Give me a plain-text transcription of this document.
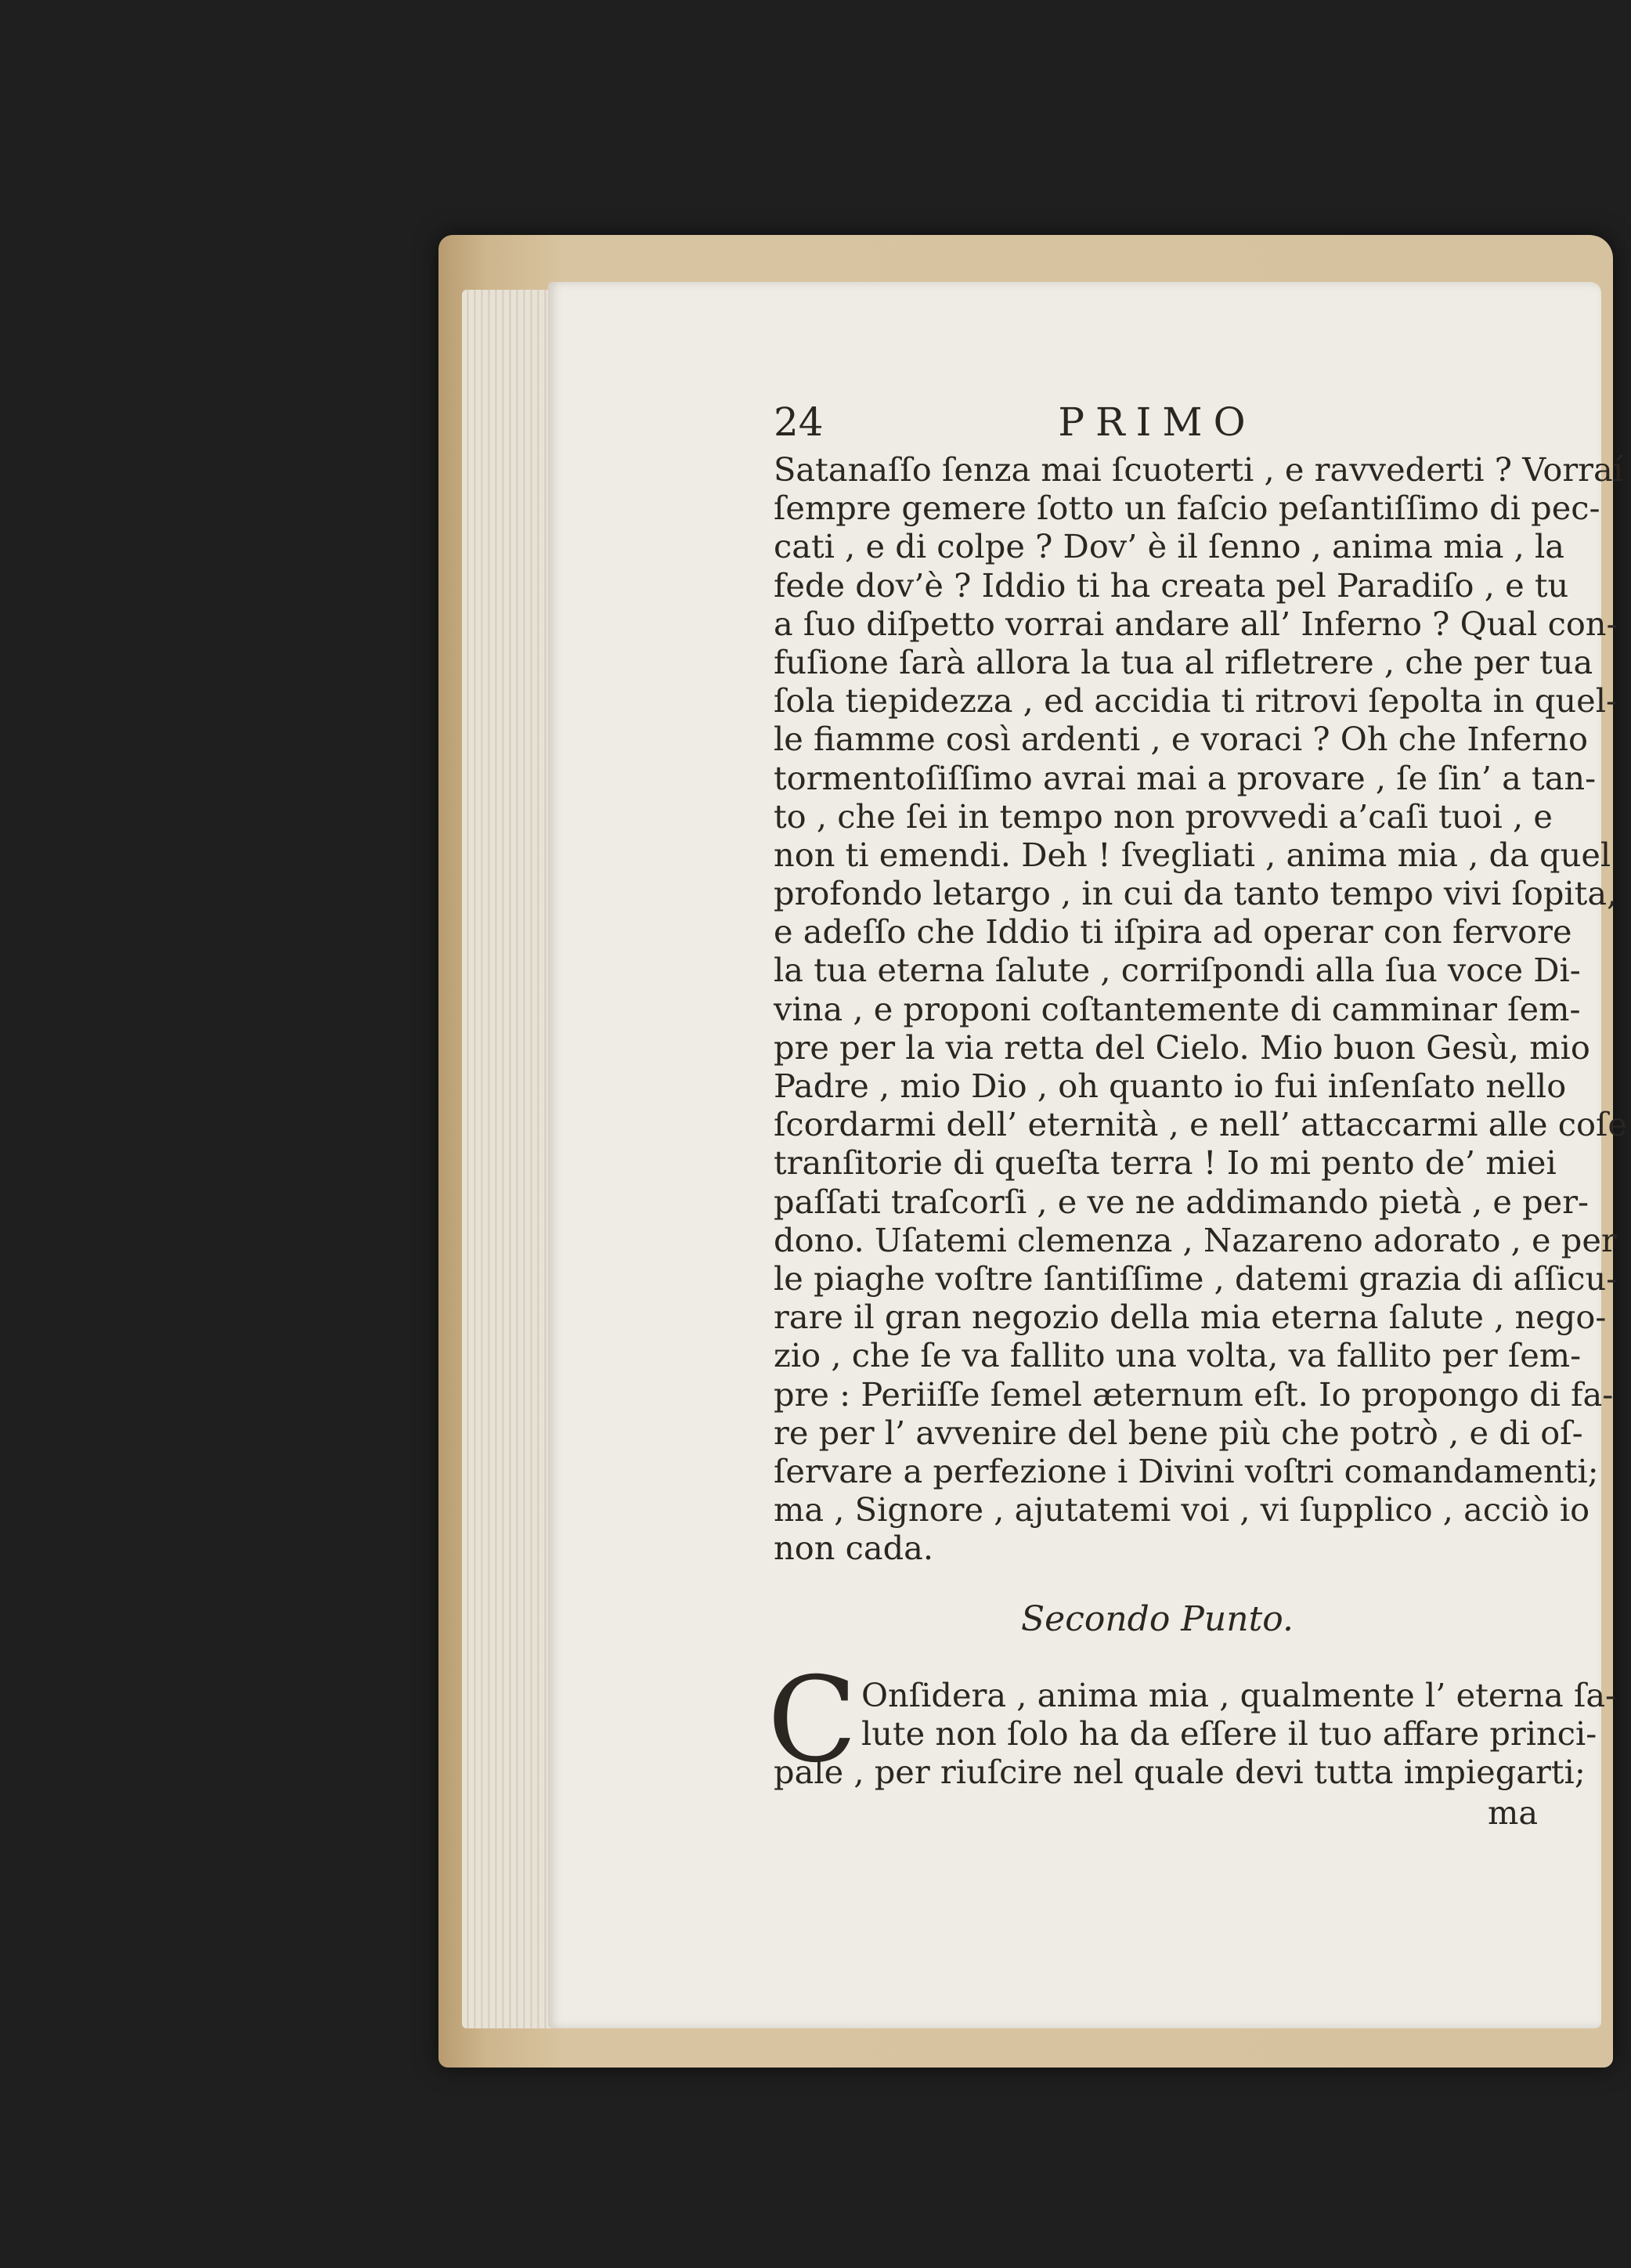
24	PRIMO
Satanaſſo ſenza mai ſcuoterti , e ravvederti ? Vorraí
ſempre gemere ſotto un faſcio peſantiſſimo di pec-
cati , e di colpe ? Dov’ è il ſenno , anima mia , la
fede dov’è ? Iddio ti ha creata pel Paradiſo , e tu
a ſuo diſpetto vorrai andare all’ Inferno ? Qual con-
fuſione ſarà allora la tua al rifletrere , che per tua
ſola tiepidezza , ed accidia ti ritrovi ſepolta in quel-
le fiamme così ardenti , e voraci ? Oh che Inferno
tormentoſiſſimo avrai mai a provare , ſe ſin’ a tan-
to , che ſei in tempo non provvedi a’caſi tuoi , e
non ti emendi. Deh ! ſvegliati , anima mia , da quel
profondo letargo , in cui da tanto tempo vivi ſopita,
e adeſſo che Iddio ti iſpira ad operar con fervore
la tua eterna ſalute , corriſpondi alla ſua voce Di-
vina , e proponi coſtantemente di camminar ſem-
pre per la via retta del Cielo. Mio buon Gesù, mio
Padre , mio Dio , oh quanto io fui inſenſato nello
ſcordarmi dell’ eternità , e nell’ attaccarmi alle coſe
tranſitorie di queſta terra ! Io mi pento de’ miei
paſſati traſcorſi , e ve ne addimando pietà , e per-
dono. Uſatemi clemenza , Nazareno adorato , e per
le piaghe voſtre ſantiſſime , datemi grazia di aſſicu-
rare il gran negozio della mia eterna ſalute , nego-
zio , che ſe va fallito una volta, va fallito per ſem-
pre : Periiſſe ſemel æternum eſt. Io propongo di fa-
re per l’ avvenire del bene più che potrò , e di oſ-
ſervare a perfezione i Divini voſtri comandamenti;
ma , Signore , ajutatemi voi , vi ſupplico , acciò io
non cada.
Secondo Punto.
C Onſidera , anima mia , qualmente l’ eterna ſa-
lute non ſolo ha da eſſere il tuo affare princi-
pale , per riuſcire nel quale devi tutta impiegarti;
ma
